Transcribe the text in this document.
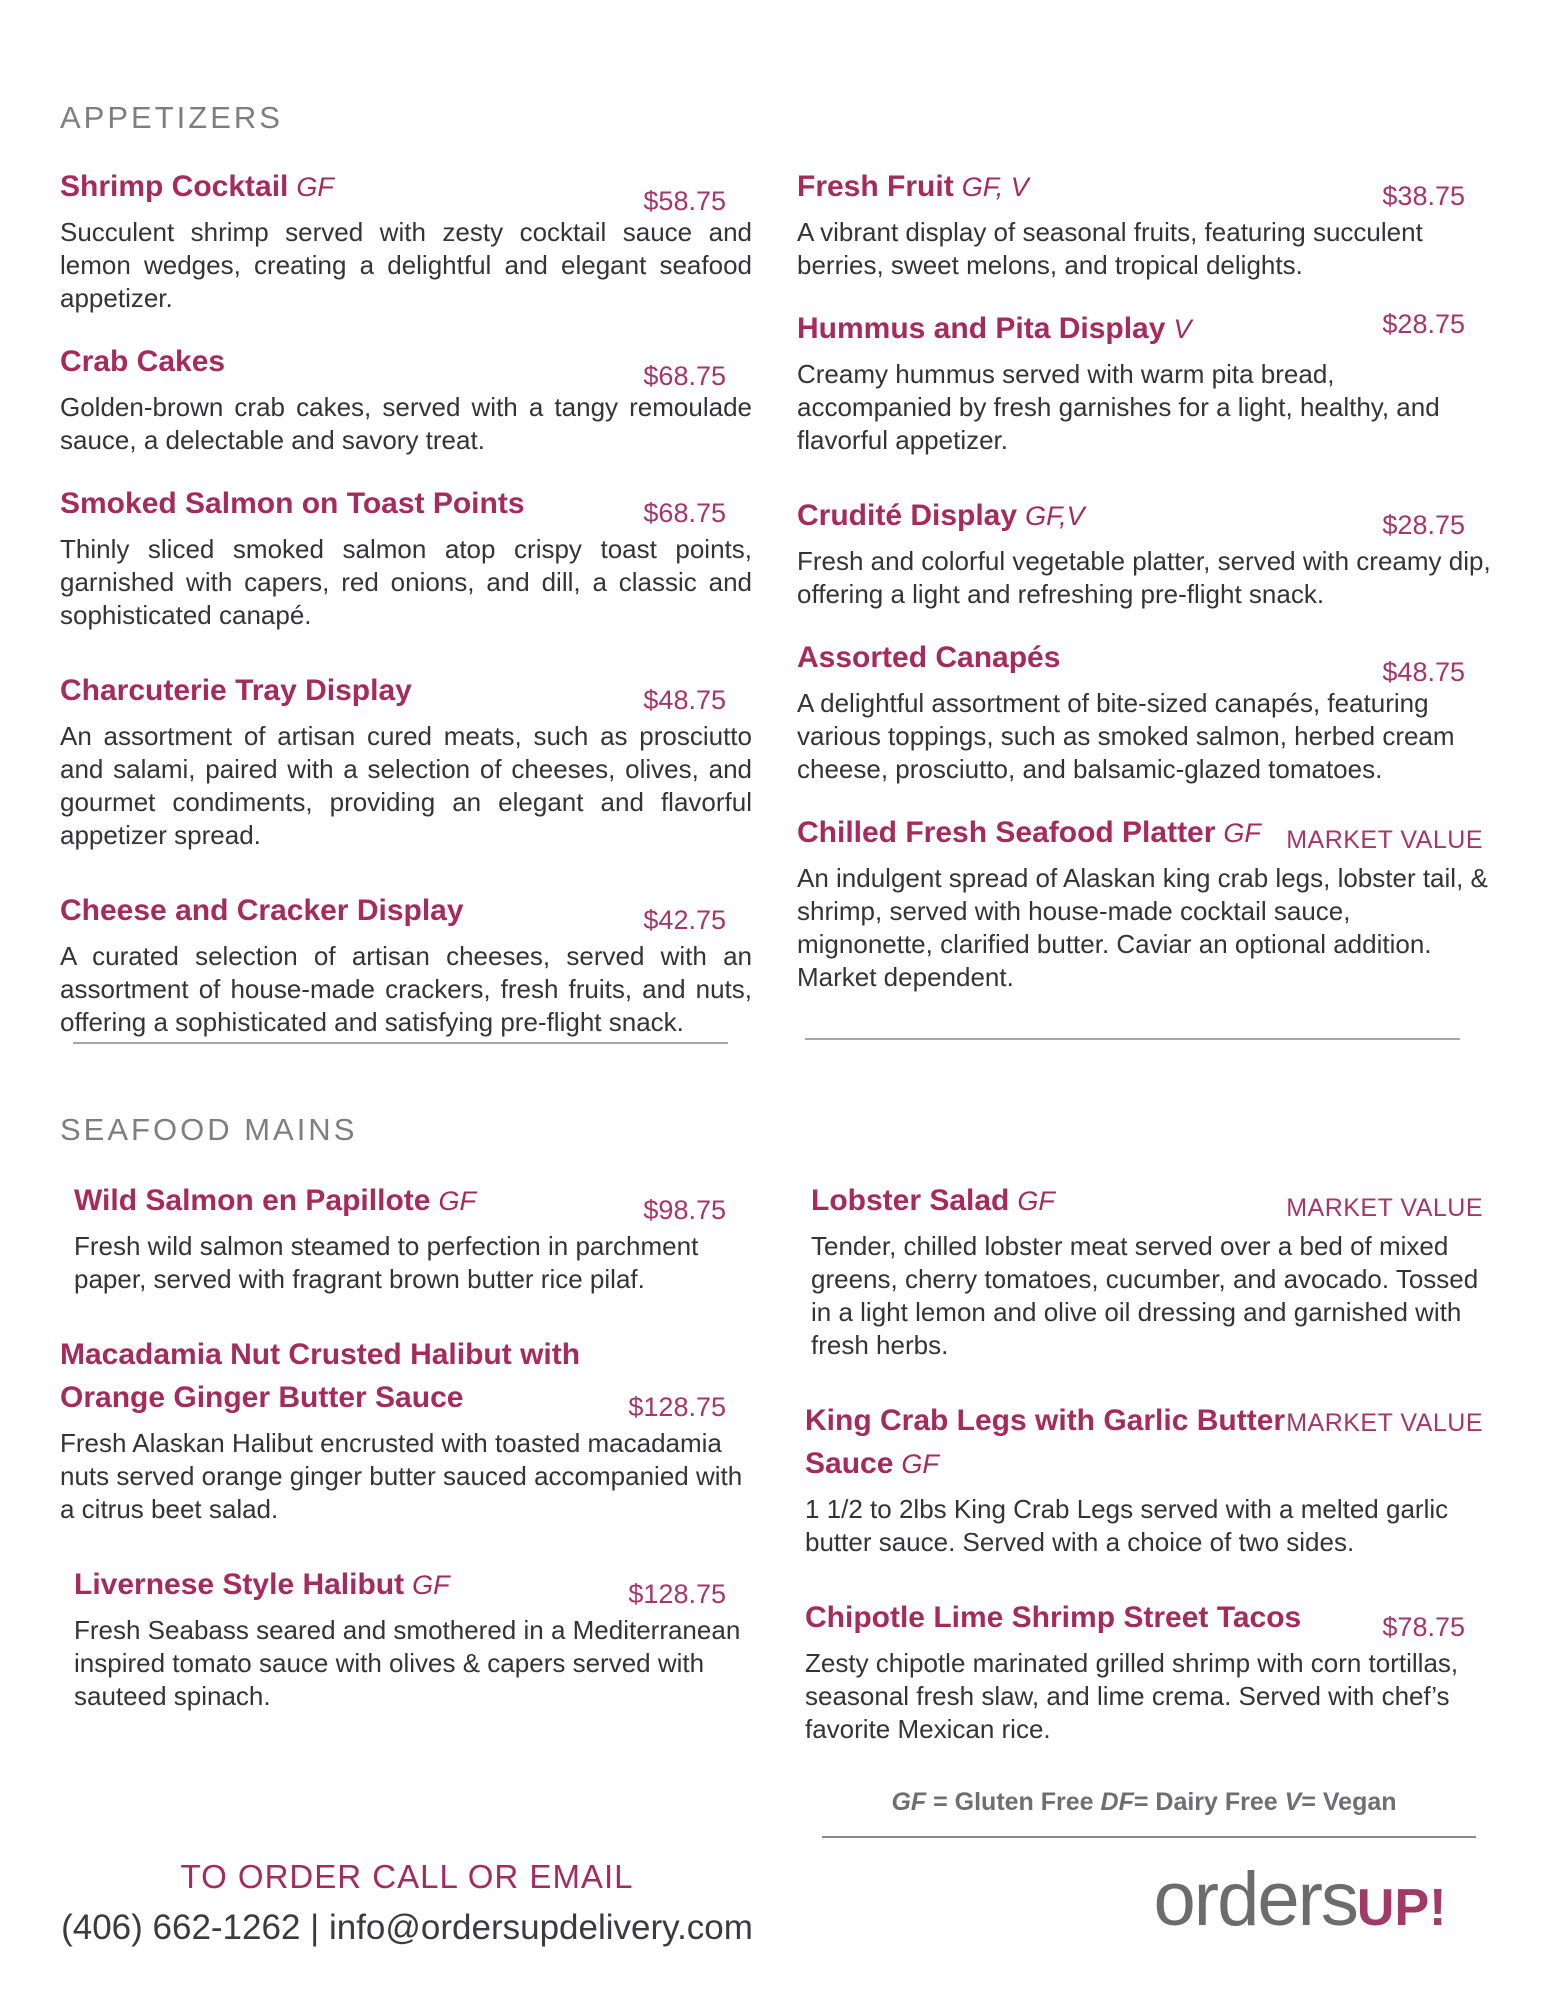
APPETIZERS
Shrimp Cocktail GF	$58.75

Succulent shrimp served with zesty cocktail sauce and lemon wedges, creating a delightful and elegant seafood appetizer.

Crab Cakes	$68.75

Golden-brown crab cakes, served with a tangy remoulade sauce, a delectable and savory treat.

Smoked Salmon on Toast Points	$68.75

Thinly sliced smoked salmon atop crispy toast points, garnished with capers, red onions, and dill, a classic and sophisticated canapé.

Charcuterie Tray Display	$48.75

An assortment of artisan cured meats, such as prosciutto and salami, paired with a selection of cheeses, olives, and gourmet condiments, providing an elegant and flavorful appetizer spread.

Cheese and Cracker Display	$42.75

A curated selection of artisan cheeses, served with an assortment of house-made crackers, fresh fruits, and nuts, offering a sophisticated and satisfying pre-flight snack.

Fresh Fruit GF, V	$38.75

A vibrant display of seasonal fruits, featuring succulent berries, sweet melons, and tropical delights.

Hummus and Pita Display V	$28.75

Creamy hummus served with warm pita bread, accompanied by fresh garnishes for a light, healthy, and flavorful appetizer.

Crudité Display GF,V	$28.75

Fresh and colorful vegetable platter, served with creamy dip, offering a light and refreshing pre-flight snack.

Assorted Canapés	$48.75

A delightful assortment of bite-sized canapés, featuring various toppings, such as smoked salmon, herbed cream cheese, prosciutto, and balsamic-glazed tomatoes.

Chilled Fresh Seafood Platter GF	MARKET VALUE

An indulgent spread of Alaskan king crab legs, lobster tail, & shrimp, served with house-made cocktail sauce, mignonette, clarified butter. Caviar an optional addition. Market dependent.

SEAFOOD MAINS
Wild Salmon en Papillote GF	$98.75

Fresh wild salmon steamed to perfection in parchment paper, served with fragrant brown butter rice pilaf.

Macadamia Nut Crusted Halibut with Orange Ginger Butter Sauce	$128.75

Fresh Alaskan Halibut encrusted with toasted macadamia nuts served orange ginger butter sauced accompanied with a citrus beet salad.

Livernese Style Halibut GF	$128.75

Fresh Seabass seared and smothered in a Mediterranean inspired tomato sauce with olives & capers served with sauteed spinach.

Lobster Salad GF	MARKET VALUE

Tender, chilled lobster meat served over a bed of mixed greens, cherry tomatoes, cucumber, and avocado. Tossed in a light lemon and olive oil dressing and garnished with fresh herbs.

King Crab Legs with Garlic Butter Sauce GF
MARKET VALUE

1 1/2 to 2lbs King Crab Legs served with a melted garlic butter sauce. Served with a choice of two sides.

Chipotle Lime Shrimp Street Tacos	$78.75

Zesty chipotle marinated grilled shrimp with corn tortillas, seasonal fresh slaw, and lime crema. Served with chef’s favorite Mexican rice.

GF = Gluten Free DF= Dairy Free V= Vegan
TO ORDER CALL OR EMAIL
(406) 662-1262 | info@ordersupdelivery.com	ordersUP!
